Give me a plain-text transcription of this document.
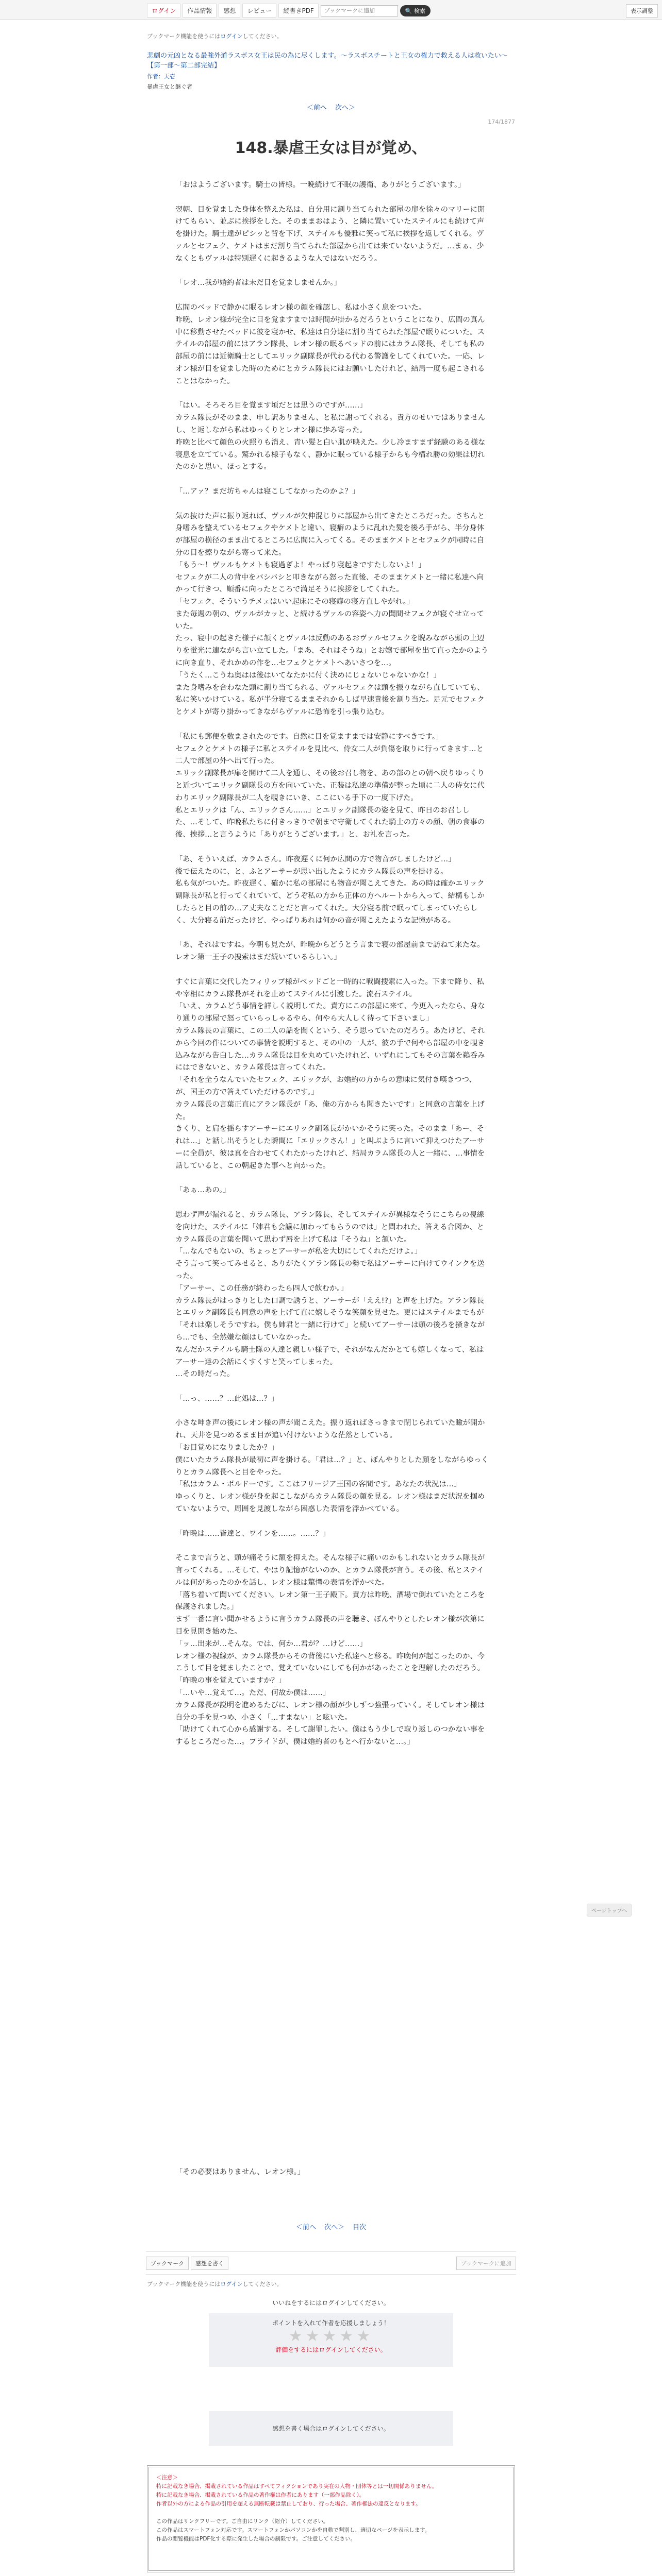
ログイン	作品情報	感想	レビュー	縦書きPDF
ブックマークに追加	🔍 検索	表示調整
ブックマーク機能を使うにはログインしてください。
悲劇の元凶となる最強外道ラスボス女王は民の為に尽くします。〜ラスボスチートと王女の権力で救える人は救いたい〜【第一部〜第二部完結】
作者：天壱
暴虐王女と継ぐ者
＜前へ 次へ＞
174/1877
148.暴虐王女は目が覚め、

「おはようございます。騎士の皆様。一晩続けて不眠の護衛、ありがとうございます。」

翌朝、目を覚ました身体を整えた私は、自分用に割り当てられた部屋の扉を徐々のマリーに開けてもらい、並ぶに挨拶をした。そのままおはよう、と隣に置いていたステイルにも続けて声を掛けた。騎士達がピシッと背を下げ、ステイルも優雅に笑って私に挨拶を返してくれる。ヴァルとセフェク、ケメトはまだ割り当てられた部屋から出ては来ていないようだ。…まぁ、少なくともヴァルは特別遅くに起きるような人ではないだろう。

「レオ…我が婚約者は未だ目を覚ましませんか。」

広間のベッドで静かに眠るレオン様の顔を確認し、私は小さく息をついた。
昨晩、レオン様が完全に目を覚ますまでは時間が掛かるだろうということになり、広間の真ん中に移動させたベッドに彼を寝かせ、私達は自分達に割り当てられた部屋で眠りについた。ステイルの部屋の前にはアラン隊長、レオン様の眠るベッドの前にはカラム隊長、そしても私の部屋の前には近衛騎士としてエリック副隊長が代わる代わる警護をしてくれていた。一応、レオン様が目を覚ました時のためにとカラム隊長にはお願いしたけれど、結局一度も起こされることはなかった。

「はい。そろそろ目を覚ます頃だとは思うのですが……」
カラム隊長がそのまま、申し訳ありません、と私に謝ってくれる。責方のせいではありませんし、と返しながら私はゆっくりとレオン様に歩み寄った。
昨晩と比べて顔色の火照りも消え、青い髪と白い肌が映えた。少し冷ますまず経験のある様な寝息を立てている。驚かれる様子もなく、静かに眠っている様子からも今構れ勝の効果は切れたのかと思い、ほっとする。

「…アァ？まだ坊ちゃんは寝こしてなかったのかよ？」

気の抜けた声に振り返れば、ヴァルが欠伸混じりに部屋から出てきたところだった。さちんと身嗜みを整えているセフェクやケメトと違い、寝癖のように乱れた髪を後ろ手がら、半分身体が部屋の横径のまま出てるところに広間に入ってくる。そのままケメトとセフェクが同時に自分の目を擦りながら寄って来た。
「もう〜！ヴァルもケメトも寝過ぎよ！やっぱり寝起きですたしないよ！」
セフェクが二人の背中をバシバシと叩きながら怒った直後、そのままケメトと一緒に私達へ向かって行きつ、順番に向ったところで満足そうに挨拶をしてくれた。
「セフェク、そういうチメェはいい起床にその寝癖の寝方直しやがれ。」
また毎週の朝の、ヴァルがカッと、と続けるヴァルの容姿へ力の聞間せフェクが寝ぐせ立っていた。
たっ、寝中の起きた様子に頷くとヴァルは反動のあるおヴァルセフェクを睨みながら頭の上辺りを蛍光に連ながら言い立てした。「まあ、それはそうね」とお嬢で部屋を出て直ったかのように向き直り、それかめの作を…セフェクとケメトへあいさつを…。
「うたく…こうね奥はは後はいてなたかに付く決めにじょないじゃないかな！」
また身嗜みを合わなた頭に割り当てられる、ヴァルセフェクは頭を振りながら直していても、私に笑いかけている。私が半分寝てるままそれからしば早速貴後を割り当た。足元でセフェクとケメトが寄り掛かってきながらヴァルに恐怖を引っ張り込む。

「私にも郵便を数まされたのです。自然に目を覚ますまでは安静にすべきです。」
セフェクとケメトの様子に私とステイルを見比べ、侍女二人が負傷を取りに行ってきます…と二人で部屋の外へ出て行った。
エリック副隊長が扉を開けて二人を通し、その後お召し物を、あの部のとの朝へ戻りゆっくりと近づいてエリック副隊長の方を向いていた。正装は私達の準備が整った頃に二人の侍女に代わりエリック副隊長が二人を覗きにいき、ここにいる手下の一度下げた。
私とエリックは「ん、エリックさん……」とエリック副隊長の姿を見て、昨日のお召しした、…そして、昨晩私たちに付きっきりで朝まで守衛してくれた騎士の方々の顔、朝の食事の後、挨拶…と言うように「ありがとうございます。」と、お礼を言った。

「あ、そういえば、カラムさん。昨夜遅くに何か広間の方で物音がしましたけど…」
後で伝えたのに、と、ふとアーサーが思い出したようにカラム隊長の声を掛ける。
私も気がついた。昨夜遅く、確かに私の部屋にも物音が聞こえてきた。あの時は確かエリック副隊長が私と行ってくれていて、どうぞ私の方から正体の方へルートから入って、結構もしかしたらと目の前の…ア丈夫なことだと言ってくれた。大分寝る前で眠ってしまっていたらしく、大分寝る前だったけど、やっぱりあれは何かの音が聞こえたような記憶がある。

「あ、それはですね。今朝も見たが、昨晩からどうとう言まで寝の部屋前まで訪ねて来たな。レオン第一王子の捜索はまだ続いているらしい。」

すぐに言葉に交代したフィリップ様がベッドごと一時的に戦闘捜索に入った。下まで降り、私や宰相にカラム隊長がそれを止めてステイルに引渡した。流石ステイル。
「いえ、カラムどう事情を詳しく説明してた。責方にこの部屋に来て、今更入ったなら、身なり通りの部屋で怒っていらっしゃるやら、何やら大人しく待って下さいまし」
カラム隊長の言葉に、この二人の話を聞くという、そう思っていたのだろう。あたけど、それから今回の件についての事情を説明すると、その中の一人が、彼の手で何やら部屋の中を覗き込みながら告白した…カラム隊長は目を丸めていたけれど、いずれにしてもその言葉を鵜呑みにはできないと、カラム隊長は言ってくれた。
「それを全うなんでいたセフェク、エリックが、お婚約の方からの意味に気付き嘆きつつ、が、国王の方で答えていただけるのです。」
カラム隊長の言葉正直にアラン隊長が「あ、俺の方からも聞きたいです」と同意の言葉を上げた。
きくり、と肩を揺らすアーサーにエリック副隊長がかいかそうに笑った。そのまま「あー、それは…」と話し出そうとした瞬間に「エリックさん！」と叫ぶように言いて抑えつけたアーサーに全員が、彼は真を合わせてくれたかったけれど、結局カラム隊長の人と一緒に、…事情を話していると、この朝起きた事へと向かった。

「あぁ…あの。」

思わず声が漏れると、カラム隊長、アラン隊長、そしてステイルが異様なそうにこちらの視線を向けた。ステイルに「姉君も会議に加わってもらうのでは」と問われた。答える合図か、とカラム隊長の言葉を聞いて思わず唇を上げて私は「そうね」と頷いた。
「…なんでもないの、ちょっとアーサーが私を大切にしてくれただけよ。」
そう言って笑ってみせると、ありがたくアラン隊長の勢で私はアーサーに向けてウインクを送った。
「アーサー、この任務が終わったら四人で飲むか。」
カラム隊長がはっきりとした口調で誘うと、アーサーが「ええ!?」と声を上げた。アラン隊長とエリック副隊長も同意の声を上げて直に嬉しそうな笑顔を見せた。更にはステイルまでもが「それは楽しそうですね。僕も姉君と一緒に行けて」と続いてアーサーは頭の後ろを掻きながら…でも、全然嫌な顔はしていなかった。
なんだかステイルも騎士隊の人達と親しい様子で、それがなんだかとても嬉しくなって、私はアーサー達の会話にくすくすと笑ってしまった。
…その時だった。

「…っ、……？…此処は…？」

小さな呻き声の後にレオン様の声が聞こえた。振り返ればさっきまで閉じられていた瞼が開かれ、天井を見つめるまま目が追い付けないような茫然としている。
「お目覚めになりましたか？」
僕にいたカラム隊長が最初に声を掛ける。「君は…？」と、ぼんやりとした顔をしながらゆっくりとカラム隊長へと目をやった。
「私はカラム・ボルドーです。ここはフリージア王国の客間です。あなたの状況は…」
ゆっくりと、レオン様が身を起こしながらカラム隊長の顔を見る。レオン様はまだ状況を掴めていないようで、周囲を見渡しながら困惑した表情を浮かべている。

「昨晩は……皆達と、ワインを……。……？」

そこまで言うと、頭が痛そうに額を抑えた。そんな様子に痛いのかもしれないとカラム隊長が言ってくれる。…そして、やはり記憶がないのか、とカラム隊長が言う。その後、私とステイルは何があったのかを話し、レオン様は驚愕の表情を浮かべた。
「落ち着いて聞いてください。レオン第一王子殿下。責方は昨晩、酒場で倒れていたところを保護されました。」
まず一番に言い聞かせるように言うカラム隊長の声を聴き、ぼんやりとしたレオン様が次第に目を見開き始めた。
「ッ…出来が…そんな。では、何か…君が？…けど……」
レオン様の視線が、カラム隊長からその背後にいた私達へと移る。昨晩何が起こったのか、今こうして目を覚ましたことで、覚えていないにしても何かがあったことを理解したのだろう。
「昨晩の事を覚えていますか？」
「…いや…覚えて…。ただ、何故か僕は……」
カラム隊長が説明を進めるたびに、レオン様の顔が少しずつ強張っていく。そしてレオン様は自分の手を見つめ、小さく「…すまない」と呟いた。
「助けてくれて心から感謝する。そして謝罪したい。僕はもう少しで取り返しのつかない事をするところだった…。プライドが、僕は婚約者のもとへ行かないと…。」

「その必要はありません、レオン様。」
＜前へ 次へ＞ 目次
ブックマーク	感想を書く	ブックマークに追加
ブックマーク機能を使うにはログインしてください。
いいねをするにはログインしてください。
ポイントを入れて作者を応援しましょう！
★★★★★
評価をするにはログインしてください。
感想を書く場合はログインしてください。
＜注意＞
特に記載なき場合、掲載されている作品はすべてフィクションであり実在の人物・団体等とは一切関係ありません。
特に記載なき場合、掲載されている作品の著作権は作者にあります（一部作品除く）。
作者以外の方による作品の引用を超える無断転載は禁止しており、行った場合、著作権法の違反となります。

この作品はリンクフリーです。ご自由にリンク（紹介）してください。
この作品はスマートフォン対応です。スマートフォンかパソコンかを自動で判別し、適切なページを表示します。
作品の閲覧機能はPDF化する際に発生した場合の制限です。ご注意してください。
ページトップへ
